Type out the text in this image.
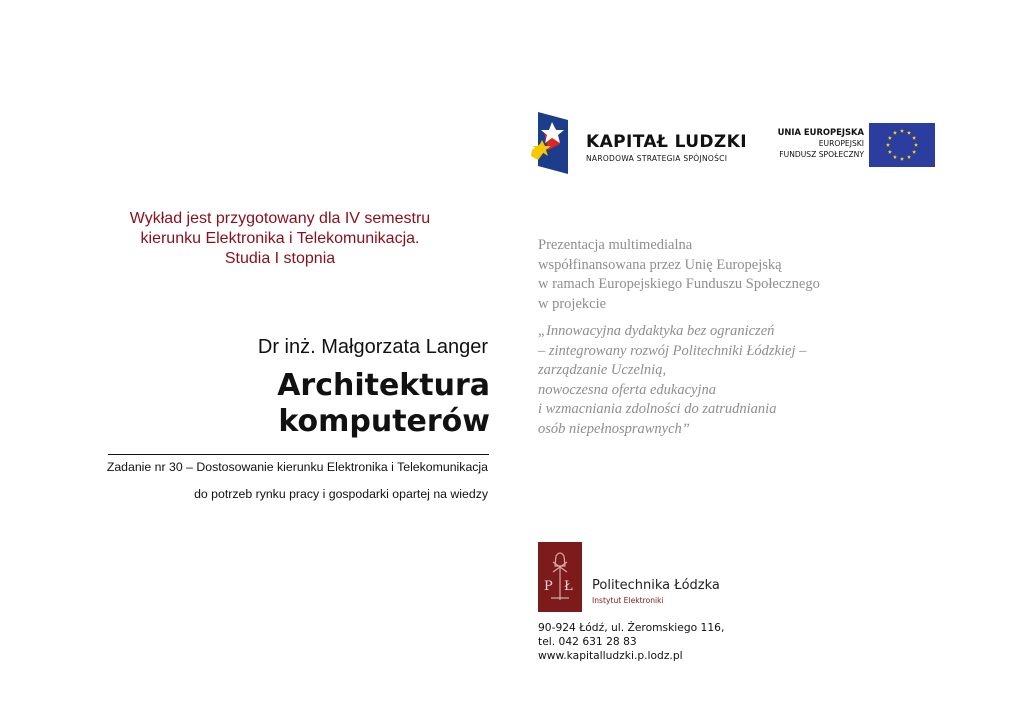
KAPITAŁ LUDZKI
NARODOWA STRATEGIA SPÓJNOŚCI
UNIA EUROPEJSKA
EUROPEJSKI
FUNDUSZ SPOŁECZNY
Wykład jest przygotowany dla IV semestru
kierunku Elektronika i Telekomunikacja.
Studia I stopnia
Prezentacja multimedialna
współfinansowana przez Unię Europejską
w ramach Europejskiego Funduszu Społecznego
w projekcie
„Innowacyjna dydaktyka bez ograniczeń
– zintegrowany rozwój Politechniki Łódzkiej –
zarządzanie Uczelnią,
nowoczesna oferta edukacyjna
i wzmacniania zdolności do zatrudniania
osób niepełnosprawnych”
Dr inż. Małgorzata Langer
Architektura
komputerów
Zadanie nr 30 – Dostosowanie kierunku Elektronika i Telekomunikacja
do potrzeb rynku pracy i gospodarki opartej na wiedzy
P Ł Politechnika Łódzka
Instytut Elektroniki
90-924 Łódź, ul. Żeromskiego 116,
tel. 042 631 28 83
www.kapitalludzki.p.lodz.pl
